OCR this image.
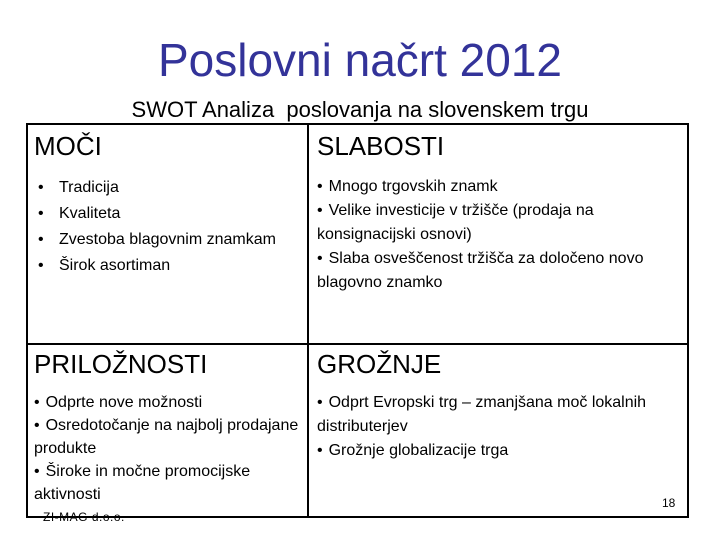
Poslovni načrt 2012
SWOT Analiza  poslovanja na slovenskem trgu
MOČI
• Tradicija
• Kvaliteta
• Zvestoba blagovnim znamkam
• Širok asortiman
SLABOSTI
• Mnogo trgovskih znamk
• Velike investicije v tržišče (prodaja na konsignacijski osnovi)
• Slaba osveščenost tržišča za določeno novo blagovno znamko
PRILOŽNOSTI
• Odprte nove možnosti
• Osredotočanje na najbolj prodajane produkte
• Široke in močne promocijske aktivnosti
GROŽNJE
• Odprt Evropski trg – zmanjšana moč lokalnih distributerjev
• Grožnje globalizacije trga
ZI-MAG d.o.o.
18
